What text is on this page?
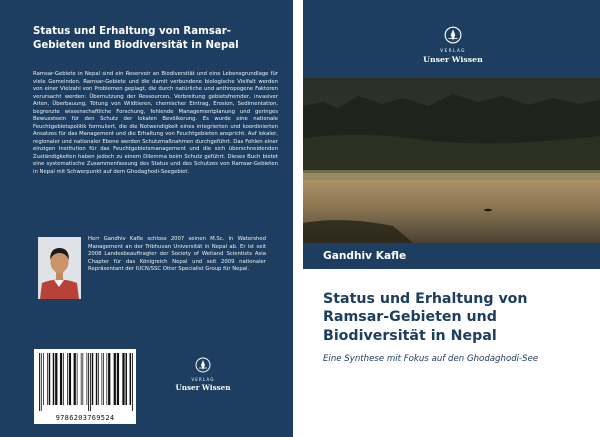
Status und Erhaltung von Ramsar-Gebieten und Biodiversität in Nepal
Ramsar-Gebiete in Nepal sind ein Reservoir an Biodiversität und eine Lebensgrundlage für viele Gemeinden. Ramsar-Gebiete und die damit verbundene biologische Vielfalt werden von einer Vielzahl von Problemen geplagt, die durch natürliche und anthropogene Faktoren verursacht werden: Übernutzung der Ressourcen, Verbreitung gebietsfremder, invasiver Arten, Überbauung, Tötung von Wildtieren, chemischer Eintrag, Erosion, Sedimentation, begrenzte wissenschaftliche Forschung, fehlende Managementplanung und geringes Bewusstsein für den Schutz der lokalen Bevölkerung. Es wurde eine nationale Feuchtgebietspolitik formuliert, die die Notwendigkeit eines integrierten und koordinierten Ansatzes für das Management und die Erhaltung von Feuchtgebieten anspricht. Auf lokaler, regionaler und nationaler Ebene werden Schutzmaßnahmen durchgeführt. Das Fehlen einer einzigen Institution für das Feuchtgebietsmanagement und die sich überschneidenden Zuständigkeiten haben jedoch zu einem Dilemma beim Schutz geführt. Dieses Buch bietet eine systematische Zusammenfassung des Status und des Schutzes von Ramsar-Gebieten in Nepal mit Schwerpunkt auf dem Ghodaghodi-Seegebiet.
Herr Gandhiv Kafle schloss 2007 seinen M.Sc. in Watershed Management an der Tribhuvan Universität in Nepal ab. Er ist seit 2008 Landesbeauftragter der Society of Wetland Scientists Asia Chapter für das Königreich Nepal und seit 2009 nationaler Repräsentant der IUCN/SSC Otter Specialist Group für Nepal.
9786203769524
VERLAG
Unser Wissen
VERLAG
Unser Wissen
Gandhiv Kafle
Status und Erhaltung von Ramsar-Gebieten und Biodiversität in Nepal
Eine Synthese mit Fokus auf den Ghodaghodi-See
